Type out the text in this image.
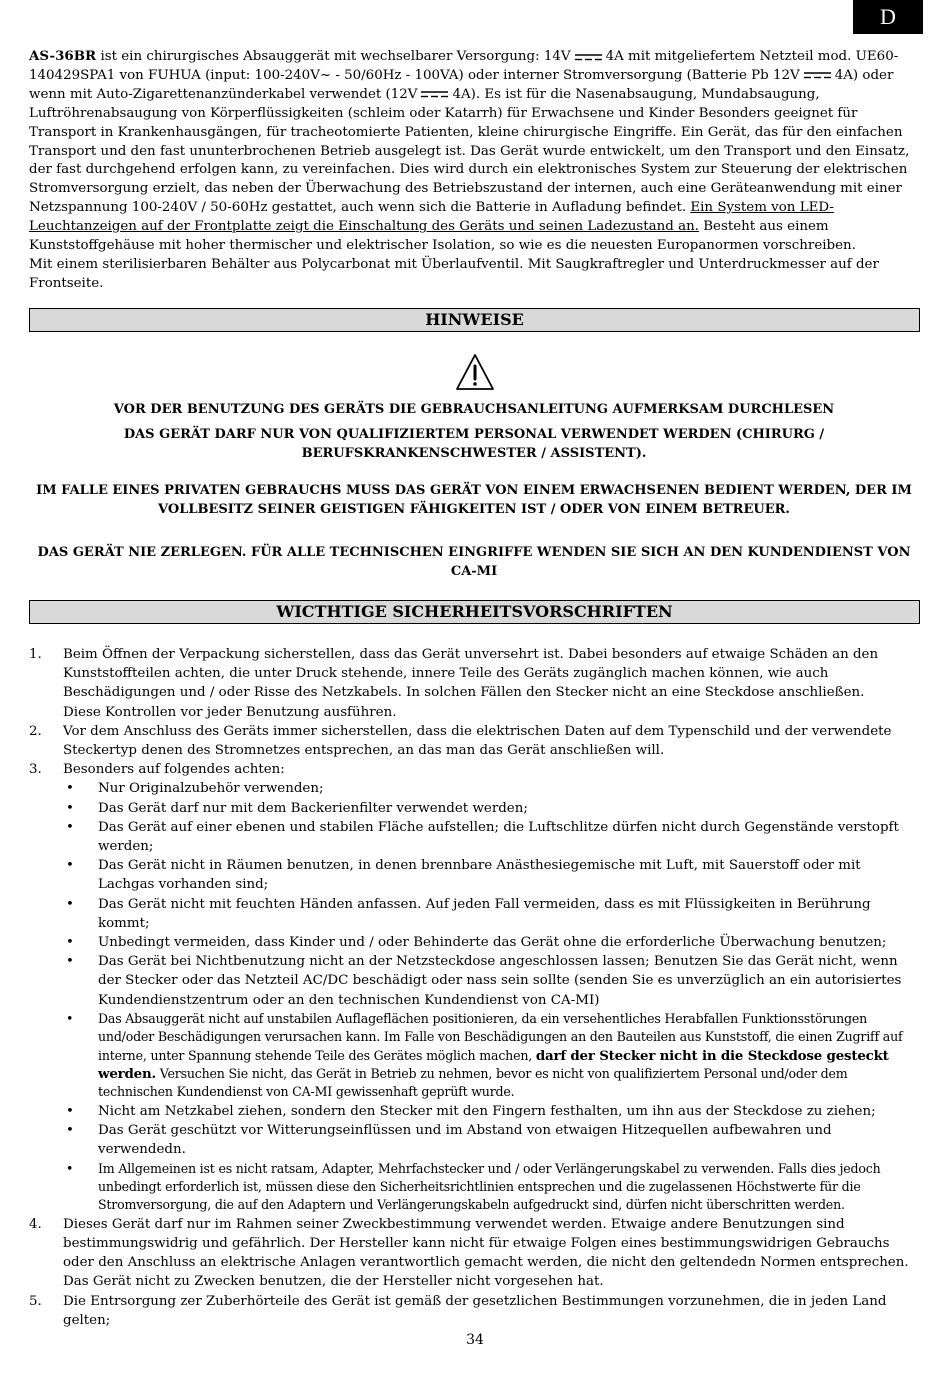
D

AS-36BR ist ein chirurgisches Absauggerät mit wechselbarer Versorgung: 14V	4A mit mitgeliefertem Netzteil mod. UE60-140429SPA1 von FUHUA (input: 100-240V~ - 50/60Hz - 100VA) oder interner Stromversorgung (Batterie Pb 12V	4A) oder wenn mit Auto-Zigarettenanzünderkabel verwendet (12V	4A). Es ist für die Nasenabsaugung, Mundabsaugung, Luftröhrenabsaugung von Körperflüssigkeiten (schleim oder Katarrh) für Erwachsene und Kinder Besonders geeignet für Transport in Krankenhausgängen, für tracheotomierte Patienten, kleine chirurgische Eingriffe. Ein Gerät, das für den einfachen Transport und den fast ununterbrochenen Betrieb ausgelegt ist. Das Gerät wurde entwickelt, um den Transport und den Einsatz, der fast durchgehend erfolgen kann, zu vereinfachen. Dies wird durch ein elektronisches System zur Steuerung der elektrischen Stromversorgung erzielt, das neben der Überwachung des Betriebszustand der internen, auch eine Geräteanwendung mit einer Netzspannung 100-240V / 50-60Hz gestattet, auch wenn sich die Batterie in Aufladung befindet. Ein System von LED-Leuchtanzeigen auf der Frontplatte zeigt die Einschaltung des Geräts und seinen Ladezustand an. Besteht aus einem Kunststoffgehäuse mit hoher thermischer und elektrischer Isolation, so wie es die neuesten Europanormen vorschreiben.
Mit einem sterilisierbaren Behälter aus Polycarbonat mit Überlaufventil. Mit Saugkraftregler und Unterdruckmesser auf der Frontseite.

HINWEISE

VOR DER BENUTZUNG DES GERÄTS DIE GEBRAUCHSANLEITUNG AUFMERKSAM DURCHLESEN

DAS GERÄT DARF NUR VON QUALIFIZIERTEM PERSONAL VERWENDET WERDEN (CHIRURG /
BERUFSKRANKENSCHWESTER / ASSISTENT).

IM FALLE EINES PRIVATEN GEBRAUCHS MUSS DAS GERÄT VON EINEM ERWACHSENEN BEDIENT WERDEN, DER IM
VOLLBESITZ SEINER GEISTIGEN FÄHIGKEITEN IST / ODER VON EINEM BETREUER.

DAS GERÄT NIE ZERLEGEN. FÜR ALLE TECHNISCHEN EINGRIFFE WENDEN SIE SICH AN DEN KUNDENDIENST VON
CA-MI

WICTHTIGE SICHERHEITSVORSCHRIFTEN
1. Beim Öffnen der Verpackung sicherstellen, dass das Gerät unversehrt ist. Dabei besonders auf etwaige Schäden an den Kunststoffteilen achten, die unter Druck stehende, innere Teile des Geräts zugänglich machen können, wie auch Beschädigungen und / oder Risse des Netzkabels. In solchen Fällen den Stecker nicht an eine Steckdose anschließen.
Diese Kontrollen vor jeder Benutzung ausführen.
2. Vor dem Anschluss des Geräts immer sicherstellen, dass die elektrischen Daten auf dem Typenschild und der verwendete Steckertyp denen des Stromnetzes entsprechen, an das man das Gerät anschließen will.
3. Besonders auf folgendes achten:
• Nur Originalzubehör verwenden;
• Das Gerät darf nur mit dem Backerienfilter verwendet werden;
• Das Gerät auf einer ebenen und stabilen Fläche aufstellen; die Luftschlitze dürfen nicht durch Gegenstände verstopft werden;
• Das Gerät nicht in Räumen benutzen, in denen brennbare Anästhesiegemische mit Luft, mit Sauerstoff oder mit Lachgas vorhanden sind;
• Das Gerät nicht mit feuchten Händen anfassen. Auf jeden Fall vermeiden, dass es mit Flüssigkeiten in Berührung kommt;
• Unbedingt vermeiden, dass Kinder und / oder Behinderte das Gerät ohne die erforderliche Überwachung benutzen;
• Das Gerät bei Nichtbenutzung nicht an der Netzsteckdose angeschlossen lassen; Benutzen Sie das Gerät nicht, wenn der Stecker oder das Netzteil AC/DC beschädigt oder nass sein sollte (senden Sie es unverzüglich an ein autorisiertes Kundendienstzentrum oder an den technischen Kundendienst von CA-MI)
• Das Absauggerät nicht auf unstabilen Auflageflächen positionieren, da ein versehentliches Herabfallen Funktionsstörungen und/oder Beschädigungen verursachen kann. Im Falle von Beschädigungen an den Bauteilen aus Kunststoff, die einen Zugriff auf interne, unter Spannung stehende Teile des Gerätes möglich machen, darf der Stecker nicht in die Steckdose gesteckt werden. Versuchen Sie nicht, das Gerät in Betrieb zu nehmen, bevor es nicht von qualifiziertem Personal und/oder dem technischen Kundendienst von CA-MI gewissenhaft geprüft wurde.
• Nicht am Netzkabel ziehen, sondern den Stecker mit den Fingern festhalten, um ihn aus der Steckdose zu ziehen;
• Das Gerät geschützt vor Witterungseinflüssen und im Abstand von etwaigen Hitzequellen aufbewahren und verwendedn.
• Im Allgemeinen ist es nicht ratsam, Adapter, Mehrfachstecker und / oder Verlängerungskabel zu verwenden. Falls dies jedoch unbedingt erforderlich ist, müssen diese den Sicherheitsrichtlinien entsprechen und die zugelassenen Höchstwerte für die Stromversorgung, die auf den Adaptern und Verlängerungskabeln aufgedruckt sind, dürfen nicht überschritten werden.
4. Dieses Gerät darf nur im Rahmen seiner Zweckbestimmung verwendet werden. Etwaige andere Benutzungen sind bestimmungswidrig und gefährlich. Der Hersteller kann nicht für etwaige Folgen eines bestimmungswidrigen Gebrauchs oder den Anschluss an elektrische Anlagen verantwortlich gemacht werden, die nicht den geltendedn Normen entsprechen.
Das Gerät nicht zu Zwecken benutzen, die der Hersteller nicht vorgesehen hat.
5. Die Entrsorgung zer Zuberhörteile des Gerät ist gemäß der gesetzlichen Bestimmungen vorzunehmen, die in jeden Land gelten;
34
